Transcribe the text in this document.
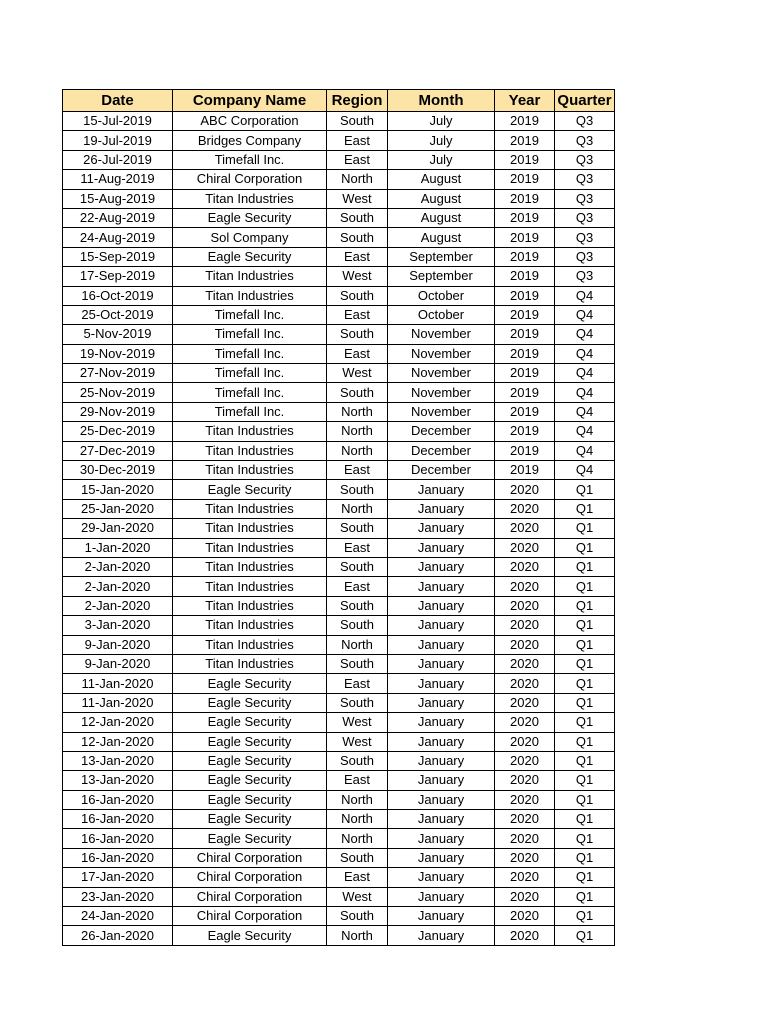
Date	Company Name	Region	Month	Year	Quarter
15-Jul-2019	ABC Corporation	South	July	2019	Q3
19-Jul-2019	Bridges Company	East	July	2019	Q3
26-Jul-2019	Timefall Inc.	East	July	2019	Q3
11-Aug-2019	Chiral Corporation	North	August	2019	Q3
15-Aug-2019	Titan Industries	West	August	2019	Q3
22-Aug-2019	Eagle Security	South	August	2019	Q3
24-Aug-2019	Sol Company	South	August	2019	Q3
15-Sep-2019	Eagle Security	East	September	2019	Q3
17-Sep-2019	Titan Industries	West	September	2019	Q3
16-Oct-2019	Titan Industries	South	October	2019	Q4
25-Oct-2019	Timefall Inc.	East	October	2019	Q4
5-Nov-2019	Timefall Inc.	South	November	2019	Q4
19-Nov-2019	Timefall Inc.	East	November	2019	Q4
27-Nov-2019	Timefall Inc.	West	November	2019	Q4
25-Nov-2019	Timefall Inc.	South	November	2019	Q4
29-Nov-2019	Timefall Inc.	North	November	2019	Q4
25-Dec-2019	Titan Industries	North	December	2019	Q4
27-Dec-2019	Titan Industries	North	December	2019	Q4
30-Dec-2019	Titan Industries	East	December	2019	Q4
15-Jan-2020	Eagle Security	South	January	2020	Q1
25-Jan-2020	Titan Industries	North	January	2020	Q1
29-Jan-2020	Titan Industries	South	January	2020	Q1
1-Jan-2020	Titan Industries	East	January	2020	Q1
2-Jan-2020	Titan Industries	South	January	2020	Q1
2-Jan-2020	Titan Industries	East	January	2020	Q1
2-Jan-2020	Titan Industries	South	January	2020	Q1
3-Jan-2020	Titan Industries	South	January	2020	Q1
9-Jan-2020	Titan Industries	North	January	2020	Q1
9-Jan-2020	Titan Industries	South	January	2020	Q1
11-Jan-2020	Eagle Security	East	January	2020	Q1
11-Jan-2020	Eagle Security	South	January	2020	Q1
12-Jan-2020	Eagle Security	West	January	2020	Q1
12-Jan-2020	Eagle Security	West	January	2020	Q1
13-Jan-2020	Eagle Security	South	January	2020	Q1
13-Jan-2020	Eagle Security	East	January	2020	Q1
16-Jan-2020	Eagle Security	North	January	2020	Q1
16-Jan-2020	Eagle Security	North	January	2020	Q1
16-Jan-2020	Eagle Security	North	January	2020	Q1
16-Jan-2020	Chiral Corporation	South	January	2020	Q1
17-Jan-2020	Chiral Corporation	East	January	2020	Q1
23-Jan-2020	Chiral Corporation	West	January	2020	Q1
24-Jan-2020	Chiral Corporation	South	January	2020	Q1
26-Jan-2020	Eagle Security	North	January	2020	Q1
